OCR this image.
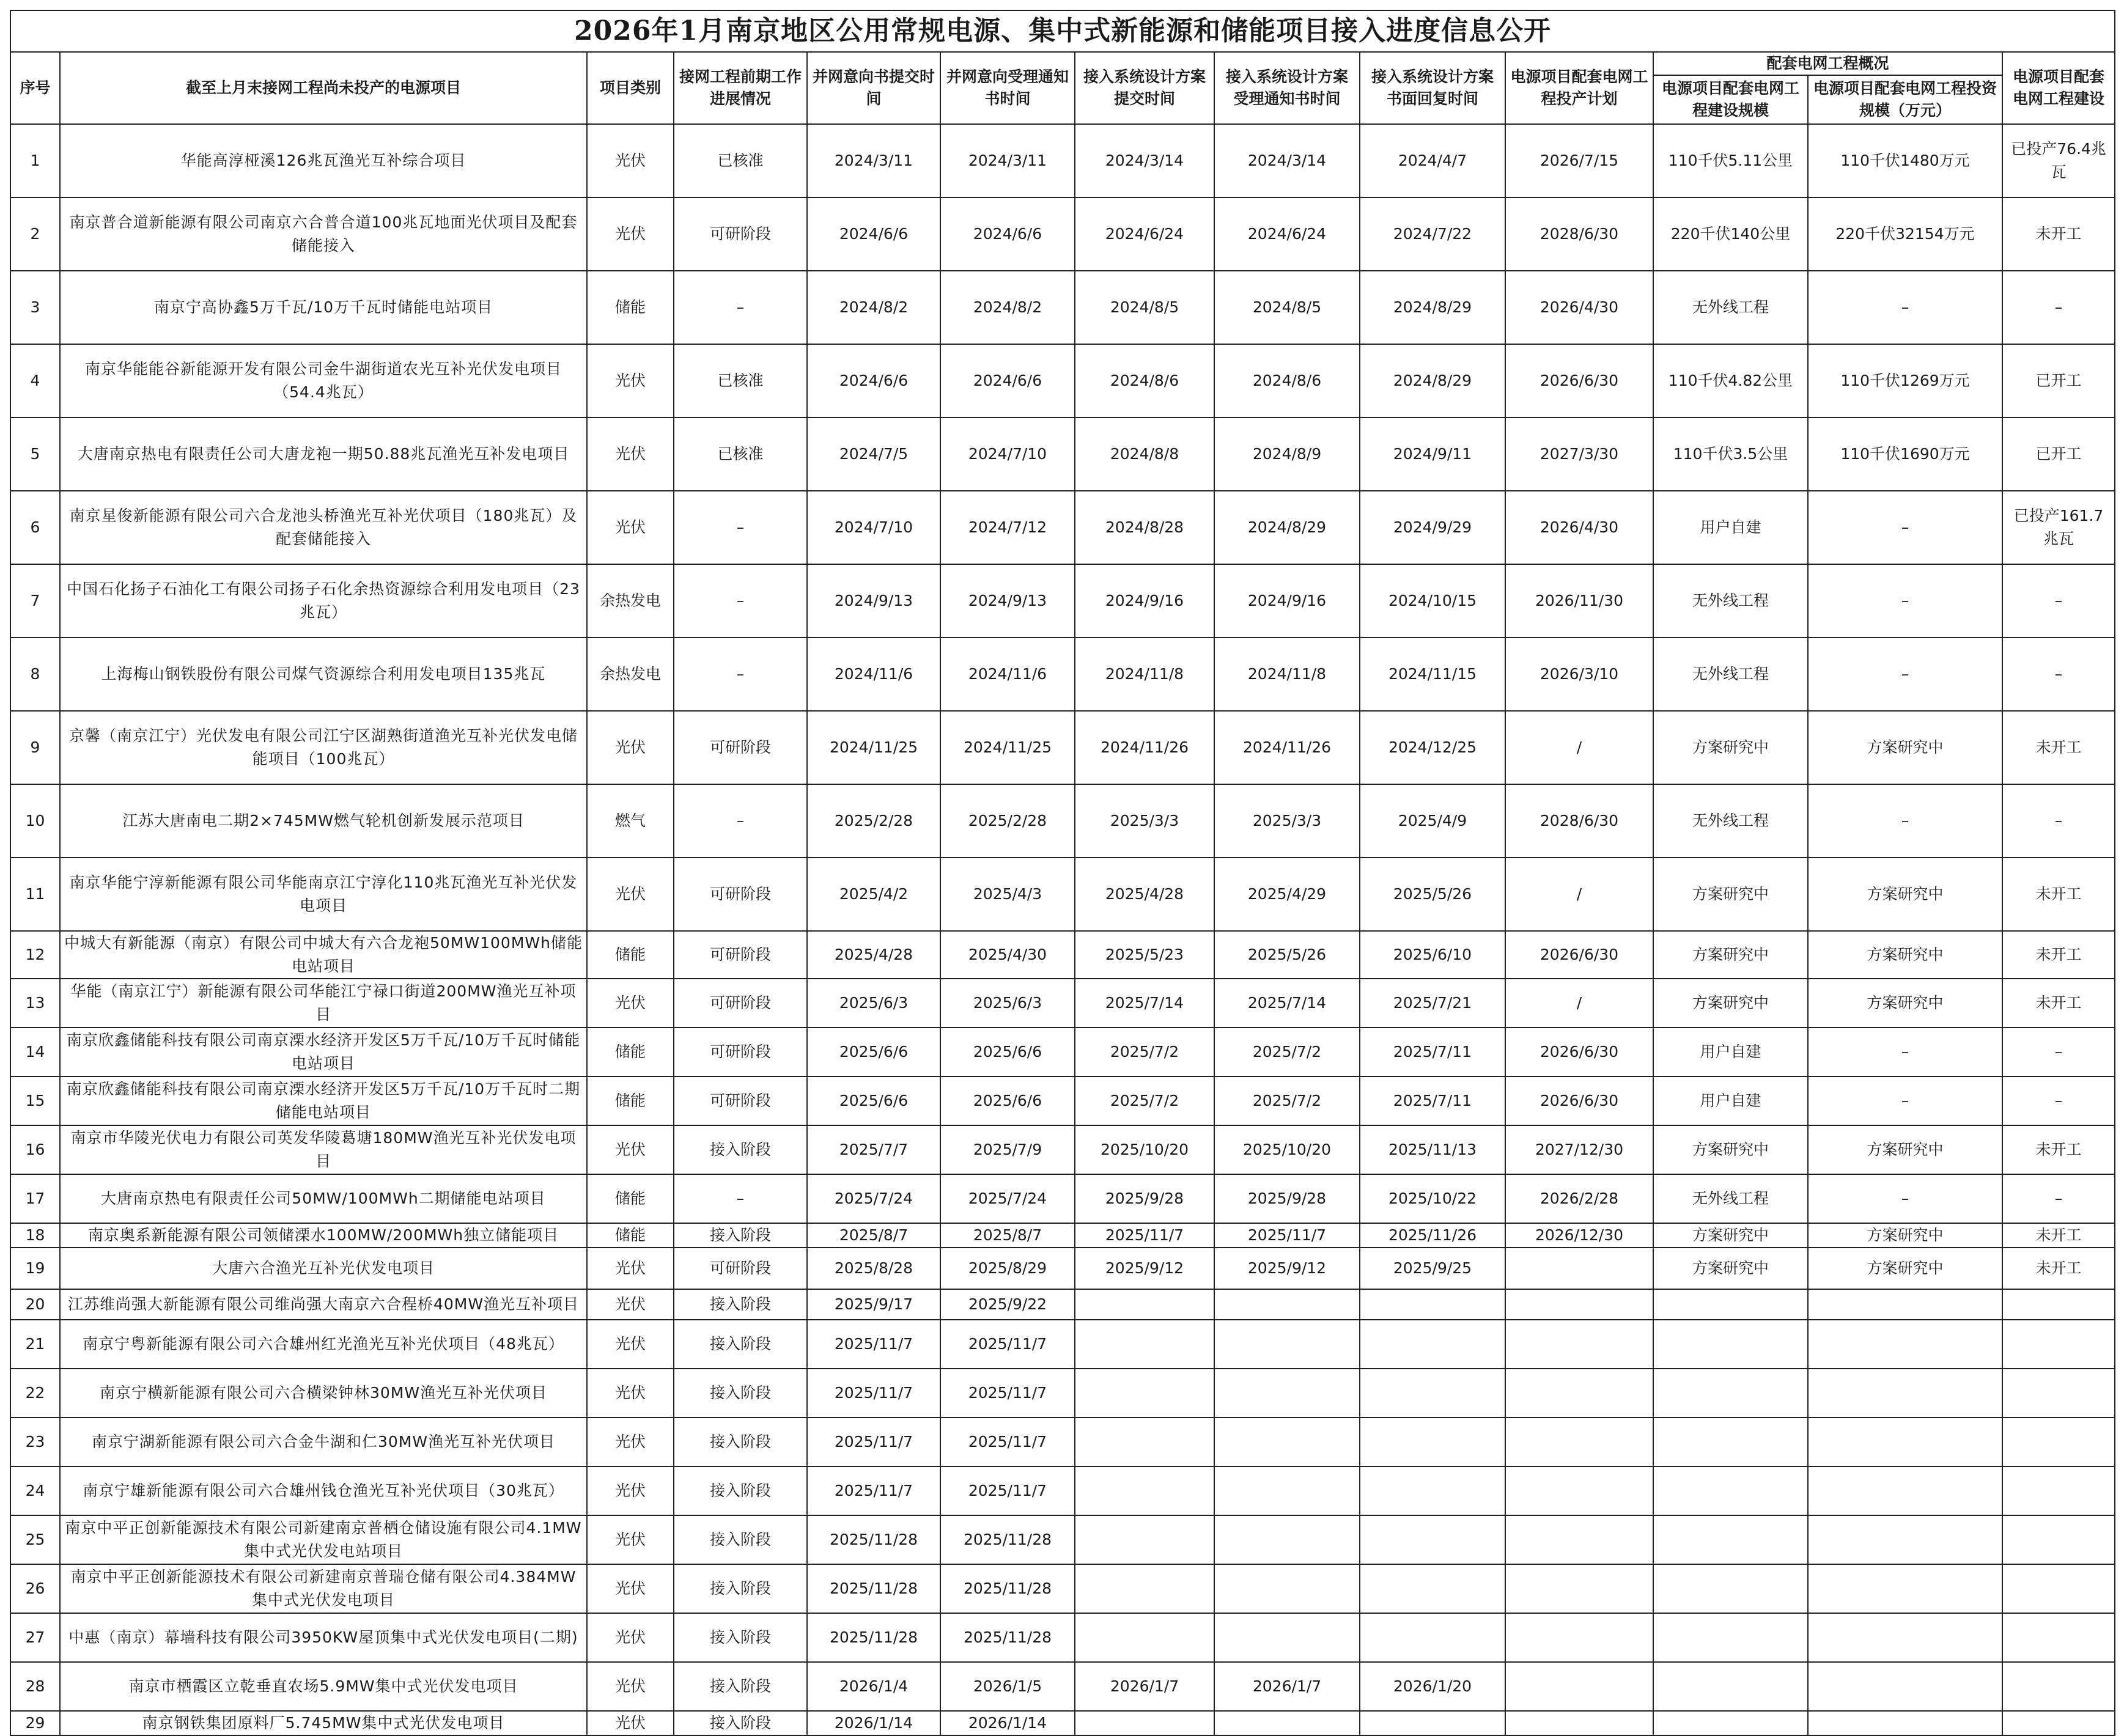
2026年1月南京地区公用常规电源、集中式新能源和储能项目接入进度信息公开												
序号	截至上月末接网工程尚未投产的电源项目	项目类别	接网工程前期工作进展情况	并网意向书提交时间	并网意向受理通知书时间	接入系统设计方案提交时间	接入系统设计方案受理通知书时间	接入系统设计方案书面回复时间	电源项目配套电网工程投产计划	配套电网工程概况		电源项目配套电网工程建设
										电源项目配套电网工程建设规模	电源项目配套电网工程投资规模（万元）	
1	华能高淳桠溪126兆瓦渔光互补综合项目	光伏	已核准	2024/3/11	2024/3/11	2024/3/14	2024/3/14	2024/4/7	2026/7/15	110千伏5.11公里	110千伏1480万元	已投产76.4兆瓦
2	南京普合道新能源有限公司南京六合普合道100兆瓦地面光伏项目及配套储能接入	光伏	可研阶段	2024/6/6	2024/6/6	2024/6/24	2024/6/24	2024/7/22	2028/6/30	220千伏140公里	220千伏32154万元	未开工
3	南京宁高协鑫5万千瓦/10万千瓦时储能电站项目	储能	–	2024/8/2	2024/8/2	2024/8/5	2024/8/5	2024/8/29	2026/4/30	无外线工程	–	–
4	南京华能能谷新能源开发有限公司金牛湖街道农光互补光伏发电项目（54.4兆瓦）	光伏	已核准	2024/6/6	2024/6/6	2024/8/6	2024/8/6	2024/8/29	2026/6/30	110千伏4.82公里	110千伏1269万元	已开工
5	大唐南京热电有限责任公司大唐龙袍一期50.88兆瓦渔光互补发电项目	光伏	已核准	2024/7/5	2024/7/10	2024/8/8	2024/8/9	2024/9/11	2027/3/30	110千伏3.5公里	110千伏1690万元	已开工
6	南京星俊新能源有限公司六合龙池头桥渔光互补光伏项目（180兆瓦）及配套储能接入	光伏	–	2024/7/10	2024/7/12	2024/8/28	2024/8/29	2024/9/29	2026/4/30	用户自建	–	已投产161.7兆瓦
7	中国石化扬子石油化工有限公司扬子石化余热资源综合利用发电项目（23兆瓦）	余热发电	–	2024/9/13	2024/9/13	2024/9/16	2024/9/16	2024/10/15	2026/11/30	无外线工程	–	–
8	上海梅山钢铁股份有限公司煤气资源综合利用发电项目135兆瓦	余热发电	–	2024/11/6	2024/11/6	2024/11/8	2024/11/8	2024/11/15	2026/3/10	无外线工程	–	–
9	京馨（南京江宁）光伏发电有限公司江宁区湖熟街道渔光互补光伏发电储能项目（100兆瓦）	光伏	可研阶段	2024/11/25	2024/11/25	2024/11/26	2024/11/26	2024/12/25	/	方案研究中	方案研究中	未开工
10	江苏大唐南电二期2×745MW燃气轮机创新发展示范项目	燃气	–	2025/2/28	2025/2/28	2025/3/3	2025/3/3	2025/4/9	2028/6/30	无外线工程	–	–
11	南京华能宁淳新能源有限公司华能南京江宁淳化110兆瓦渔光互补光伏发电项目	光伏	可研阶段	2025/4/2	2025/4/3	2025/4/28	2025/4/29	2025/5/26	/	方案研究中	方案研究中	未开工
12	中城大有新能源（南京）有限公司中城大有六合龙袍50MW100MWh储能电站项目	储能	可研阶段	2025/4/28	2025/4/30	2025/5/23	2025/5/26	2025/6/10	2026/6/30	方案研究中	方案研究中	未开工
13	华能（南京江宁）新能源有限公司华能江宁禄口街道200MW渔光互补项目	光伏	可研阶段	2025/6/3	2025/6/3	2025/7/14	2025/7/14	2025/7/21	/	方案研究中	方案研究中	未开工
14	南京欣鑫储能科技有限公司南京溧水经济开发区5万千瓦/10万千瓦时储能电站项目	储能	可研阶段	2025/6/6	2025/6/6	2025/7/2	2025/7/2	2025/7/11	2026/6/30	用户自建	–	–
15	南京欣鑫储能科技有限公司南京溧水经济开发区5万千瓦/10万千瓦时二期储能电站项目	储能	可研阶段	2025/6/6	2025/6/6	2025/7/2	2025/7/2	2025/7/11	2026/6/30	用户自建	–	–
16	南京市华陵光伏电力有限公司英发华陵葛塘180MW渔光互补光伏发电项目	光伏	接入阶段	2025/7/7	2025/7/9	2025/10/20	2025/10/20	2025/11/13	2027/12/30	方案研究中	方案研究中	未开工
17	大唐南京热电有限责任公司50MW/100MWh二期储能电站项目	储能	–	2025/7/24	2025/7/24	2025/9/28	2025/9/28	2025/10/22	2026/2/28	无外线工程	–	–
18	南京奥系新能源有限公司领储溧水100MW/200MWh独立储能项目	储能	接入阶段	2025/8/7	2025/8/7	2025/11/7	2025/11/7	2025/11/26	2026/12/30	方案研究中	方案研究中	未开工
19	大唐六合渔光互补光伏发电项目	光伏	可研阶段	2025/8/28	2025/8/29	2025/9/12	2025/9/12	2025/9/25		方案研究中	方案研究中	未开工
20	江苏维尚强大新能源有限公司维尚强大南京六合程桥40MW渔光互补项目	光伏	接入阶段	2025/9/17	2025/9/22							
21	南京宁粤新能源有限公司六合雄州红光渔光互补光伏项目（48兆瓦）	光伏	接入阶段	2025/11/7	2025/11/7							
22	南京宁横新能源有限公司六合横梁钟林30MW渔光互补光伏项目	光伏	接入阶段	2025/11/7	2025/11/7							
23	南京宁湖新能源有限公司六合金牛湖和仁30MW渔光互补光伏项目	光伏	接入阶段	2025/11/7	2025/11/7							
24	南京宁雄新能源有限公司六合雄州钱仓渔光互补光伏项目（30兆瓦）	光伏	接入阶段	2025/11/7	2025/11/7							
25	南京中平正创新能源技术有限公司新建南京普栖仓储设施有限公司4.1MW集中式光伏发电站项目	光伏	接入阶段	2025/11/28	2025/11/28							
26	南京中平正创新能源技术有限公司新建南京普瑞仓储有限公司4.384MW集中式光伏发电项目	光伏	接入阶段	2025/11/28	2025/11/28							
27	中惠（南京）幕墙科技有限公司3950KW屋顶集中式光伏发电项目(二期)	光伏	接入阶段	2025/11/28	2025/11/28							
28	南京市栖霞区立乾垂直农场5.9MW集中式光伏发电项目	光伏	接入阶段	2026/1/4	2026/1/5	2026/1/7	2026/1/7	2026/1/20				
29	南京钢铁集团原料厂5.745MW集中式光伏发电项目	光伏	接入阶段	2026/1/14	2026/1/14							
